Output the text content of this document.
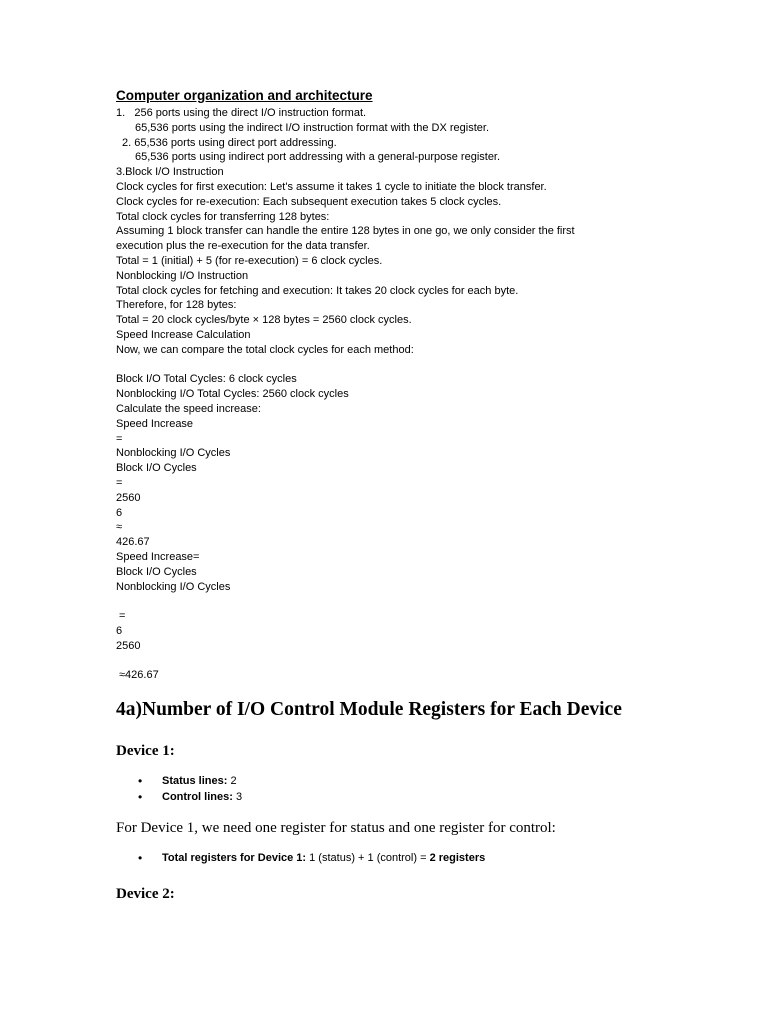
Computer organization and architecture
1.   256 ports using the direct I/O instruction format.
65,536 ports using the indirect I/O instruction format with the DX register.
2. 65,536 ports using direct port addressing.
65,536 ports using indirect port addressing with a general-purpose register.
3.Block I/O Instruction
Clock cycles for first execution: Let's assume it takes 1 cycle to initiate the block transfer.
Clock cycles for re-execution: Each subsequent execution takes 5 clock cycles.
Total clock cycles for transferring 128 bytes:
Assuming 1 block transfer can handle the entire 128 bytes in one go, we only consider the first
execution plus the re-execution for the data transfer.
Total = 1 (initial) + 5 (for re-execution) = 6 clock cycles.
Nonblocking I/O Instruction
Total clock cycles for fetching and execution: It takes 20 clock cycles for each byte.
Therefore, for 128 bytes:
Total = 20 clock cycles/byte × 128 bytes = 2560 clock cycles.
Speed Increase Calculation
Now, we can compare the total clock cycles for each method:
Block I/O Total Cycles: 6 clock cycles
Nonblocking I/O Total Cycles: 2560 clock cycles
Calculate the speed increase:
Speed Increase
=
Nonblocking I/O Cycles
Block I/O Cycles
=
2560
6
≈
426.67
Speed Increase=
Block I/O Cycles
Nonblocking I/O Cycles
=
6
2560
≈426.67
4a)Number of I/O Control Module Registers for Each Device
Device 1:
• Status lines: 2
• Control lines: 3
For Device 1, we need one register for status and one register for control:
• Total registers for Device 1: 1 (status) + 1 (control) = 2 registers
Device 2:
